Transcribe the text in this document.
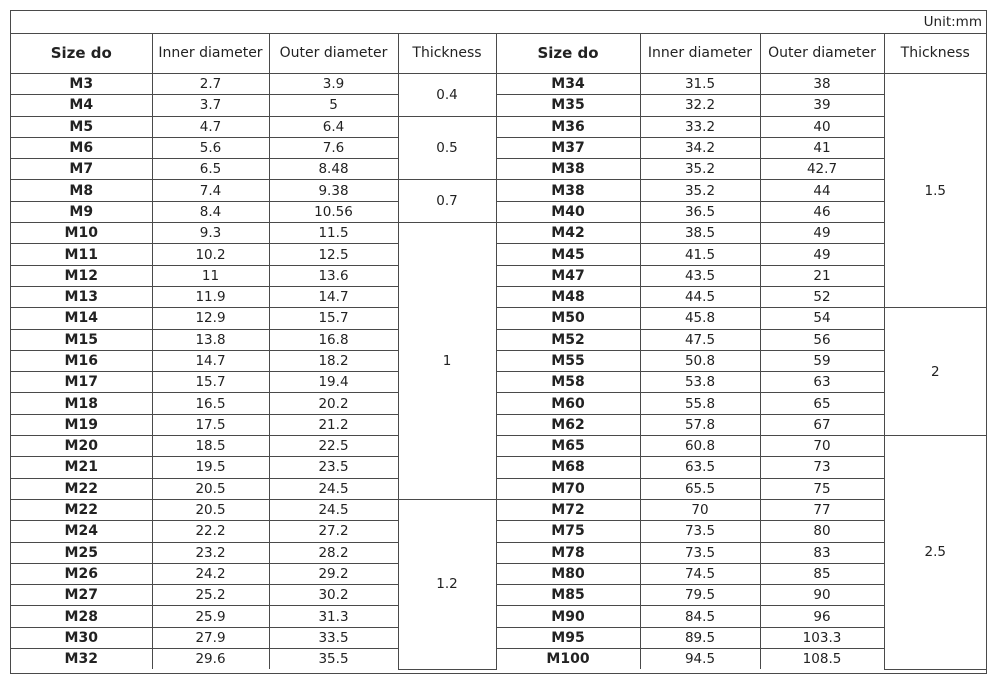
Unit:mm
Size do	Inner diameter	Outer diameter	Thickness	Size do	Inner diameter	Outer diameter	Thickness
M3	2.7	3.9	0.4	M34	31.5	38	1.5
M4	3.7	5		M35	32.2	39	
M5	4.7	6.4	0.5	M36	33.2	40	
M6	5.6	7.6		M37	34.2	41	
M7	6.5	8.48		M38	35.2	42.7	
M8	7.4	9.38	0.7	M38	35.2	44	
M9	8.4	10.56		M40	36.5	46	
M10	9.3	11.5	1	M42	38.5	49	
M11	10.2	12.5		M45	41.5	49	
M12	11	13.6		M47	43.5	21	
M13	11.9	14.7		M48	44.5	52	
M14	12.9	15.7		M50	45.8	54	2
M15	13.8	16.8		M52	47.5	56	
M16	14.7	18.2		M55	50.8	59	
M17	15.7	19.4		M58	53.8	63	
M18	16.5	20.2		M60	55.8	65	
M19	17.5	21.2		M62	57.8	67	
M20	18.5	22.5		M65	60.8	70	2.5
M21	19.5	23.5		M68	63.5	73	
M22	20.5	24.5		M70	65.5	75	
M22	20.5	24.5	1.2	M72	70	77	
M24	22.2	27.2		M75	73.5	80	
M25	23.2	28.2		M78	73.5	83	
M26	24.2	29.2		M80	74.5	85	
M27	25.2	30.2		M85	79.5	90	
M28	25.9	31.3		M90	84.5	96	
M30	27.9	33.5		M95	89.5	103.3	
M32	29.6	35.5		M100	94.5	108.5	
